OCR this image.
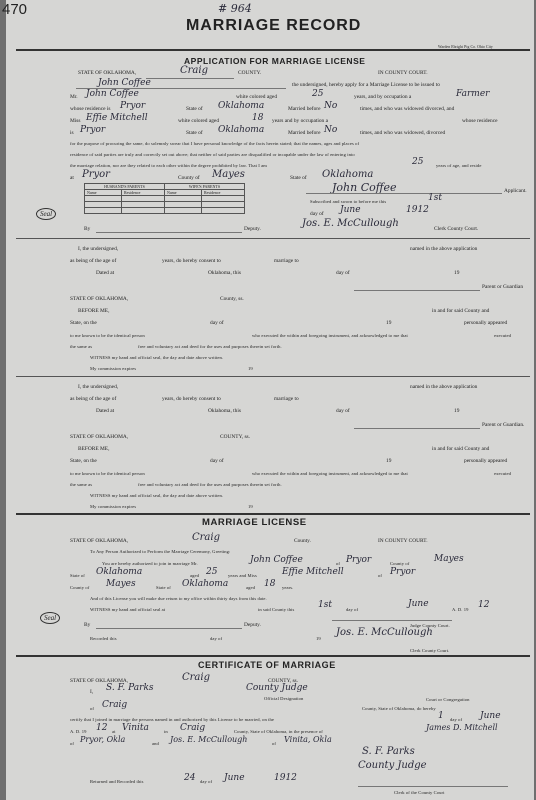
470	# 964
MARRIAGE RECORD
Warden Ebright Pig Co. Ohio City
APPLICATION FOR MARRIAGE LICENSE
STATE OF OKLAHOMA,	Craig	COUNTY.	IN COUNTY COURT.
John Coffee	the undersigned, hereby apply for a Marriage License to be issued to
Mr. John Coffee	white colored aged	25	years, and by occupation a	Farmer
whose residence is Pryor	State of Oklahoma	Married before No	times, and who was widowed divorced, and
Miss Effie Mitchell	white colored aged	18 years and by occupation a	whose residence
is Pryor	State of Oklahoma	Married before No	times, and who was widowed, divorced
for the purpose of procuring the same, do solemnly swear that I have personal knowledge of the facts herein stated; that the names, ages and places of
residence of said parties are truly and correctly set out above; that neither of said parties are disqualified or incapable under the law of entering into
the marriage relation, nor are they related to each other within the degree prohibited by law. That I am	25	years of age, and reside
at Pryor	County of Mayes	State of Oklahoma
HUSBAND'S PARENTS		WIFE'S PARENTS	
Name	Residence	Name	Residence

				John Coffee	Applicant.
Subscribed and sworn to before me this	1st
day of June	1912
Seal
By	Deputy.	Jos. E. McCullough	Clerk County Court.
I, the undersigned,	named in the above application
as being of the age of	years, do hereby consent to	marriage to
Dated at	Oklahoma, this	day of	19
Parent or Guardian
STATE OF OKLAHOMA,	County, ss.
BEFORE ME,	in and for said County and
State, on the	day of	19	personally appeared
to me known to be the identical person	who executed the within and foregoing instrument, and acknowledged to me that	executed
the same as	free and voluntary act and deed for the uses and purposes therein set forth.
WITNESS my hand and official seal, the day and date above written.
My commission expires	19
I, the undersigned,	named in the above application
as being of the age of	years, do hereby consent to	marriage to
Dated at	Oklahoma, this	day of	19
Parent or Guardian.
STATE OF OKLAHOMA,	COUNTY, ss.
BEFORE ME,	in and for said County and
State, on the	day of	19	personally appeared
to me known to be the identical person	who executed the within and foregoing instrument, and acknowledged to me that	executed
the same as	free and voluntary act and deed for the uses and purposes therein set forth.
WITNESS my hand and official seal, the day and date above written.
My commission expires	19
MARRIAGE LICENSE
STATE OF OKLAHOMA,	Craig	County.	IN COUNTY COURT.
To Any Person Authorized to Perform the Marriage Ceremony, Greeting:
You are hereby authorized to join in marriage Mr.	John Coffee	of Pryor	County of	Mayes
State of Oklahoma	aged 25 years and Miss	Effie Mitchell	of Pryor
County of Mayes	State of Oklahoma	aged 18 years.
And of this License you will make due return to my office within thirty days from this date.
WITNESS my hand and official seal at	in said County this	1st	day of
June
A. D. 19 12
Seal
Judge County Court.
By	Deputy.
Recorded this	day of	19
Jos. E. McCullough
Clerk County Court.
CERTIFICATE OF MARRIAGE
STATE OF OKLAHOMA,	Craig	COUNTY, ss.
I, S. F. Parks	County Judge
Official Designation
of Craig
Court or Congregation
County, State of Oklahoma, do hereby
certify that I joined in marriage the persons named in and authorized by this License to be married, on the	1 day of June
A. D. 19 12 at Vinita	in Craig	County, State of Oklahoma, in the presence of	James D. Mitchell
of Pryor, Okla	and Jos. E. McCullough	of Vinita, Okla
S. F. Parks
County Judge
Returned and Recorded this	24 day of June	1912
Clerk of the County Court
